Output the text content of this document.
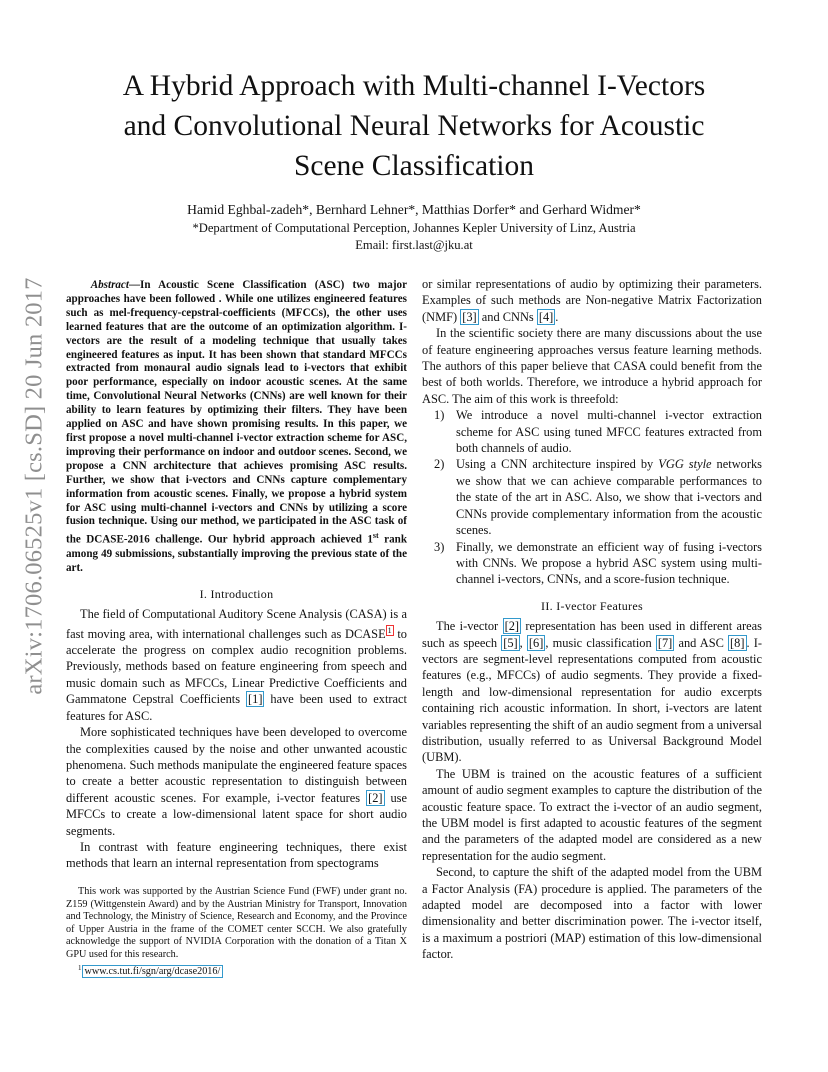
arXiv:1706.06525v1 [cs.SD] 20 Jun 2017
A Hybrid Approach with Multi-channel I-Vectors
and Convolutional Neural Networks for Acoustic
Scene Classification
Hamid Eghbal-zadeh*, Bernhard Lehner*, Matthias Dorfer* and Gerhard Widmer*
*Department of Computational Perception, Johannes Kepler University of Linz, Austria
Email: first.last@jku.at

Abstract—In Acoustic Scene Classification (ASC) two major approaches have been followed . While one utilizes engineered features such as mel-frequency-cepstral-coefficients (MFCCs), the other uses learned features that are the outcome of an optimization algorithm. I-vectors are the result of a modeling technique that usually takes engineered features as input. It has been shown that standard MFCCs extracted from monaural audio signals lead to i-vectors that exhibit poor performance, especially on indoor acoustic scenes. At the same time, Convolutional Neural Networks (CNNs) are well known for their ability to learn features by optimizing their filters. They have been applied on ASC and have shown promising results. In this paper, we first propose a novel multi-channel i-vector extraction scheme for ASC, improving their performance on indoor and outdoor scenes. Second, we propose a CNN architecture that achieves promising ASC results. Further, we show that i-vectors and CNNs capture complementary information from acoustic scenes. Finally, we propose a hybrid system for ASC using multi-channel i-vectors and CNNs by utilizing a score fusion technique. Using our method, we participated in the ASC task of the DCASE-2016 challenge. Our hybrid approach achieved 1st rank among 49 submissions, substantially improving the previous state of the art.

I. Introduction

The field of Computational Auditory Scene Analysis (CASA) is a fast moving area, with international challenges such as DCASE $^1$ to accelerate the progress on complex audio recognition problems. Previously, methods based on feature engineering from speech and music domain such as MFCCs, Linear Predictive Coefficients and Gammatone Cepstral Coefficients [1] have been used to extract features for ASC.

More sophisticated techniques have been developed to overcome the complexities caused by the noise and other unwanted acoustic phenomena. Such methods manipulate the engineered feature spaces to create a better acoustic representation to distinguish between different acoustic scenes. For example, i-vector features [2] use MFCCs to create a low-dimensional latent space for short audio segments.

In contrast with feature engineering techniques, there exist methods that learn an internal representation from spectograms

This work was supported by the Austrian Science Fund (FWF) under grant no. Z159 (Wittgenstein Award) and by the Austrian Ministry for Transport, Innovation and Technology, the Ministry of Science, Research and Economy, and the Province of Upper Austria in the frame of the COMET center SCCH. We also gratefully acknowledge the support of NVIDIA Corporation with the donation of a Titan X GPU used for this research.

$^1$ www.cs.tut.fi/sgn/arg/dcase2016/

or similar representations of audio by optimizing their parameters. Examples of such methods are Non-negative Matrix Factorization (NMF) [3] and CNNs [4] .

In the scientific society there are many discussions about the use of feature engineering approaches versus feature learning methods. The authors of this paper believe that CASA could benefit from the best of both worlds. Therefore, we introduce a hybrid approach for ASC. The aim of this work is threefold:

1) We introduce a novel multi-channel i-vector extraction scheme for ASC using tuned MFCC features extracted from both channels of audio.
2) Using a CNN architecture inspired by VGG style networks we show that we can achieve comparable performances to the state of the art in ASC. Also, we show that i-vectors and CNNs provide complementary information from the acoustic scenes.
3) Finally, we demonstrate an efficient way of fusing i-vectors with CNNs. We propose a hybrid ASC system using multi-channel i-vectors, CNNs, and a score-fusion technique.
II. I-vector Features

The i-vector [2] representation has been used in different areas such as speech [5] , [6] , music classification [7] and ASC [8] . I-vectors are segment-level representations computed from acoustic features (e.g., MFCCs) of audio segments. They provide a fixed-length and low-dimensional representation for audio excerpts containing rich acoustic information. In short, i-vectors are latent variables representing the shift of an audio segment from a universal distribution, usually referred to as Universal Background Model (UBM).

The UBM is trained on the acoustic features of a sufficient amount of audio segment examples to capture the distribution of the acoustic feature space. To extract the i-vector of an audio segment, the UBM model is first adapted to acoustic features of the segment and the parameters of the adapted model are considered as a new representation for the audio segment.

Second, to capture the shift of the adapted model from the UBM a Factor Analysis (FA) procedure is applied. The parameters of the adapted model are decomposed into a factor with lower dimensionality and better discrimination power. The i-vector itself, is a maximum a postriori (MAP) estimation of this low-dimensional factor.
